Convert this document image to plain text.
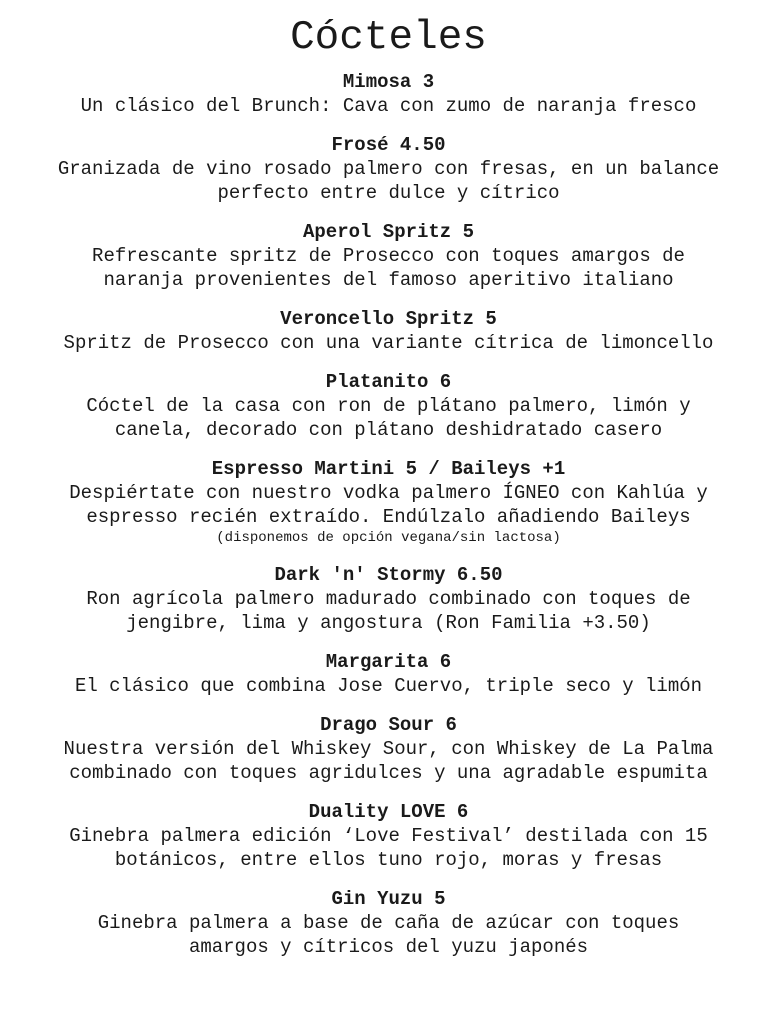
Cócteles
Mimosa 3
Un clásico del Brunch: Cava con zumo de naranja fresco
Frosé 4.50
Granizada de vino rosado palmero con fresas, en un balance
perfecto entre dulce y cítrico
Aperol Spritz 5
Refrescante spritz de Prosecco con toques amargos de
naranja provenientes del famoso aperitivo italiano
Veroncello Spritz 5
Spritz de Prosecco con una variante cítrica de limoncello
Platanito 6
Cóctel de la casa con ron de plátano palmero, limón y
canela, decorado con plátano deshidratado casero
Espresso Martini 5 / Baileys +1
Despiértate con nuestro vodka palmero ÍGNEO con Kahlúa y
espresso recién extraído. Endúlzalo añadiendo Baileys
(disponemos de opción vegana/sin lactosa)
Dark 'n' Stormy 6.50
Ron agrícola palmero madurado combinado con toques de
jengibre, lima y angostura (Ron Familia +3.50)
Margarita 6
El clásico que combina Jose Cuervo, triple seco y limón
Drago Sour 6
Nuestra versión del Whiskey Sour, con Whiskey de La Palma
combinado con toques agridulces y una agradable espumita
Duality LOVE 6
Ginebra palmera edición ‘Love Festival’ destilada con 15
botánicos, entre ellos tuno rojo, moras y fresas
Gin Yuzu 5
Ginebra palmera a base de caña de azúcar con toques
amargos y cítricos del yuzu japonés
